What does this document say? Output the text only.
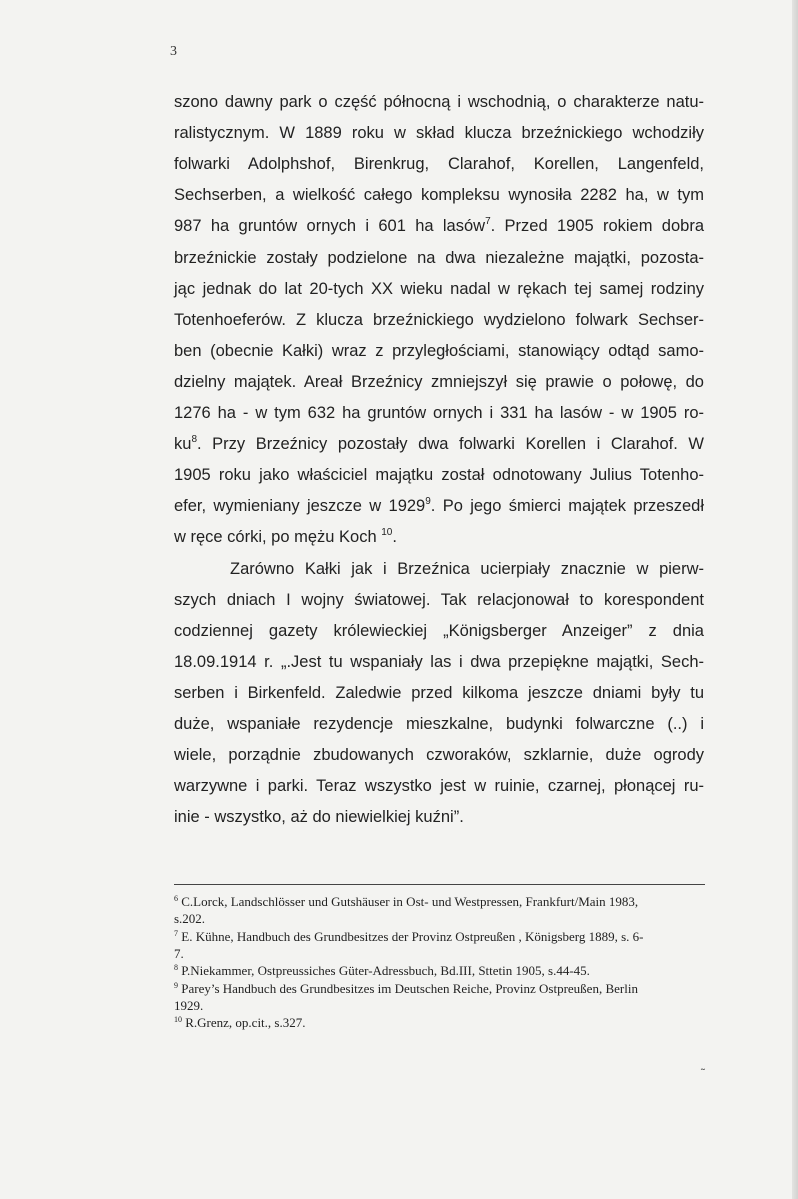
3
szono dawny park o część północną i wschodnią, o charakterze natu-
ralistycznym. W 1889 roku w skład klucza brzeźnickiego wchodziły
folwarki Adolphshof, Birenkrug, Clarahof, Korellen, Langenfeld,
Sechserben, a wielkość całego kompleksu wynosiła 2282 ha, w tym
987 ha gruntów ornych i 601 ha lasów$^7$. Przed 1905 rokiem dobra
brzeźnickie zostały podzielone na dwa niezależne majątki, pozosta-
jąc jednak do lat 20-tych XX wieku nadal w rękach tej samej rodziny
Totenhoeferów. Z klucza brzeźnickiego wydzielono folwark Sechser-
ben (obecnie Kałki) wraz z przyległościami, stanowiący odtąd samo-
dzielny majątek. Areał Brzeźnicy zmniejszył się prawie o połowę, do
1276 ha - w tym 632 ha gruntów ornych i 331 ha lasów - w 1905 ro-
$ku^8$. Przy Brzeźnicy pozostały dwa folwarki Korellen i Clarahof. W
1905 roku jako właściciel majątku został odnotowany Julius Totenho-
efer, wymieniany jeszcze w 1929$^9$. Po jego śmierci majątek przeszedł
w ręce córki, po mężu Koch $^{10}$.
Zarówno Kałki jak i Brzeźnica ucierpiały znacznie w pierw-
szych dniach I wojny światowej. Tak relacjonował to korespondent
codziennej gazety królewieckiej „Königsberger Anzeiger” z dnia
18.09.1914 r. „.Jest tu wspaniały las i dwa przepiękne majątki, Sech-
serben i Birkenfeld. Zaledwie przed kilkoma jeszcze dniami były tu
duże, wspaniałe rezydencje mieszkalne, budynki folwarczne (..) i
wiele, porządnie zbudowanych czworaków, szklarnie, duże ogrody
warzywne i parki. Teraz wszystko jest w ruinie, czarnej, płonącej ru-
inie - wszystko, aż do niewielkiej kuźni”.
$^6$ C.Lorck, Landschlösser und Gutshäuser in Ost- und Westpressen, Frankfurt/Main 1983,
s.202.
$^7$ E. Kühne, Handbuch des Grundbesitzes der Provinz Ostpreußen , Königsberg 1889, s. 6-
7.
$^8$ P.Niekammer, Ostpreussiches Güter-Adressbuch, Bd.III, Sttetin 1905, s.44-45.
$^9$ Parey’s Handbuch des Grundbesitzes im Deutschen Reiche, Provinz Ostpreußen, Berlin
1929.
$^{10}$ R.Grenz, op.cit., s.327.
˜
